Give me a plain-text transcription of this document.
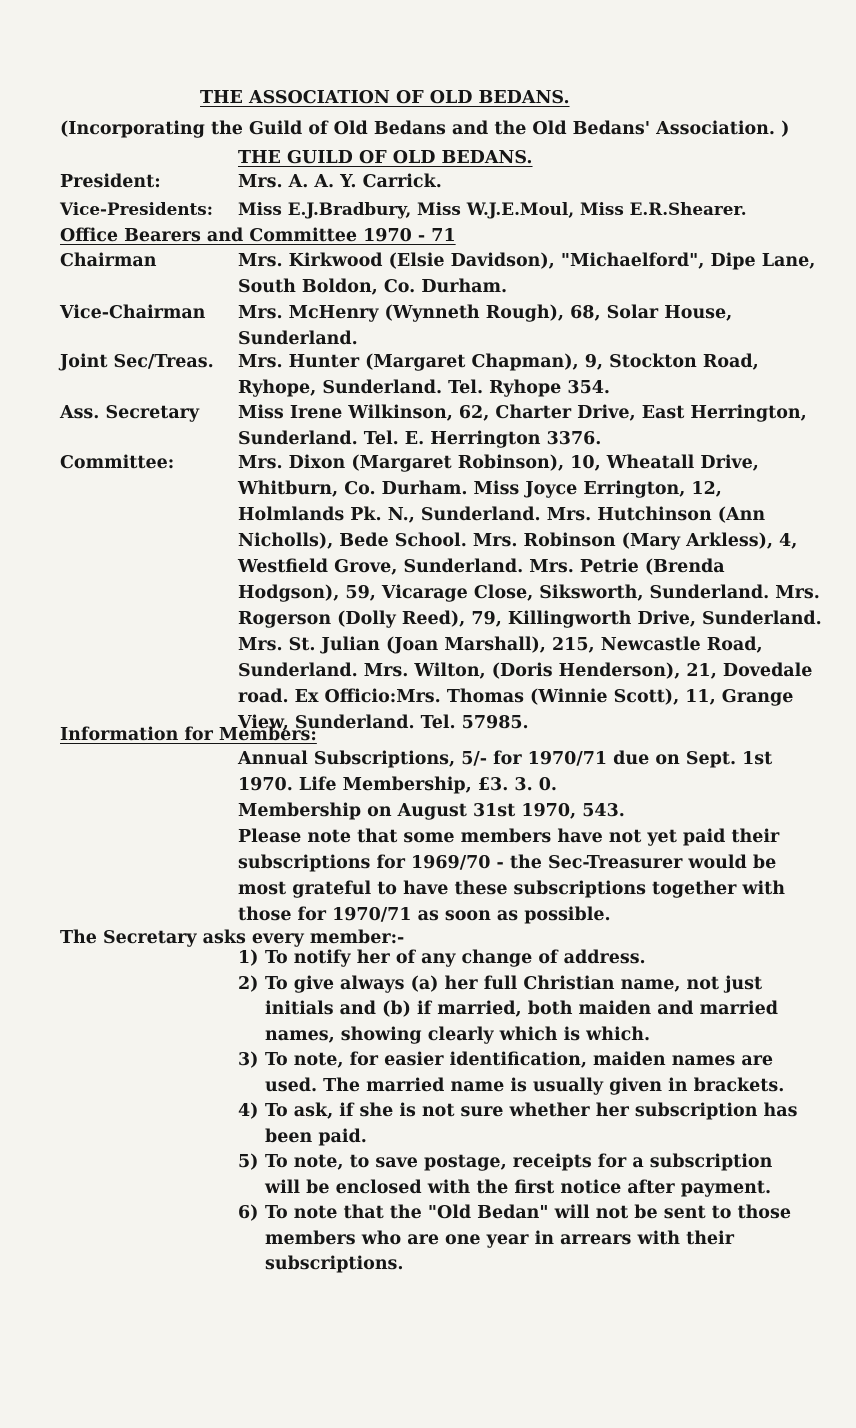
THE ASSOCIATION OF OLD BEDANS.
(Incorporating the Guild of Old Bedans and the Old Bedans' Association. )
THE GUILD OF OLD BEDANS.
President:	Mrs. A. A. Y. Carrick.
Vice-Presidents: Miss E.J.Bradbury, Miss W.J.E.Moul, Miss E.R.Shearer.
Office Bearers and Committee 1970 - 71
Chairman	Mrs. Kirkwood (Elsie Davidson), "Michaelford", Dipe Lane, South Boldon, Co. Durham.
Vice-Chairman Mrs. McHenry (Wynneth Rough), 68, Solar House, Sunderland.
Joint Sec/Treas. Mrs. Hunter (Margaret Chapman), 9, Stockton Road, Ryhope, Sunderland. Tel. Ryhope 354.
Ass. Secretary Miss Irene Wilkinson, 62, Charter Drive, East Herrington, Sunderland. Tel. E. Herrington 3376.
Committee:	Mrs. Dixon (Margaret Robinson), 10, Wheatall Drive, Whitburn, Co. Durham. Miss Joyce Errington, 12, Holmlands Pk. N., Sunderland. Mrs. Hutchinson (Ann Nicholls), Bede School. Mrs. Robinson (Mary Arkless), 4, Westfield Grove, Sunderland. Mrs. Petrie (Brenda Hodgson), 59, Vicarage Close, Siksworth, Sunderland. Mrs. Rogerson (Dolly Reed), 79, Killingworth Drive, Sunderland. Mrs. St. Julian (Joan Marshall), 215, Newcastle Road, Sunderland. Mrs. Wilton, (Doris Henderson), 21, Dovedale road. Ex Officio:Mrs. Thomas (Winnie Scott), 11, Grange View, Sunderland. Tel. 57985.
Information for Members:
Annual Subscriptions, 5/- for 1970/71 due on Sept. 1st 1970. Life Membership, £3. 3. 0.
Membership on August 31st 1970, 543.
Please note that some members have not yet paid their subscriptions for 1969/70 - the Sec-Treasurer would be most grateful to have these subscriptions together with those for 1970/71 as soon as possible.
The Secretary asks every member:-
1) To notify her of any change of address.
2) To give always (a) her full Christian name, not just initials and (b) if married, both maiden and married names, showing clearly which is which.
3) To note, for easier identification, maiden names are used. The married name is usually given in brackets.
4) To ask, if she is not sure whether her subscription has been paid.
5) To note, to save postage, receipts for a subscription will be enclosed with the first notice after payment.
6) To note that the "Old Bedan" will not be sent to those members who are one year in arrears with their subscriptions.
